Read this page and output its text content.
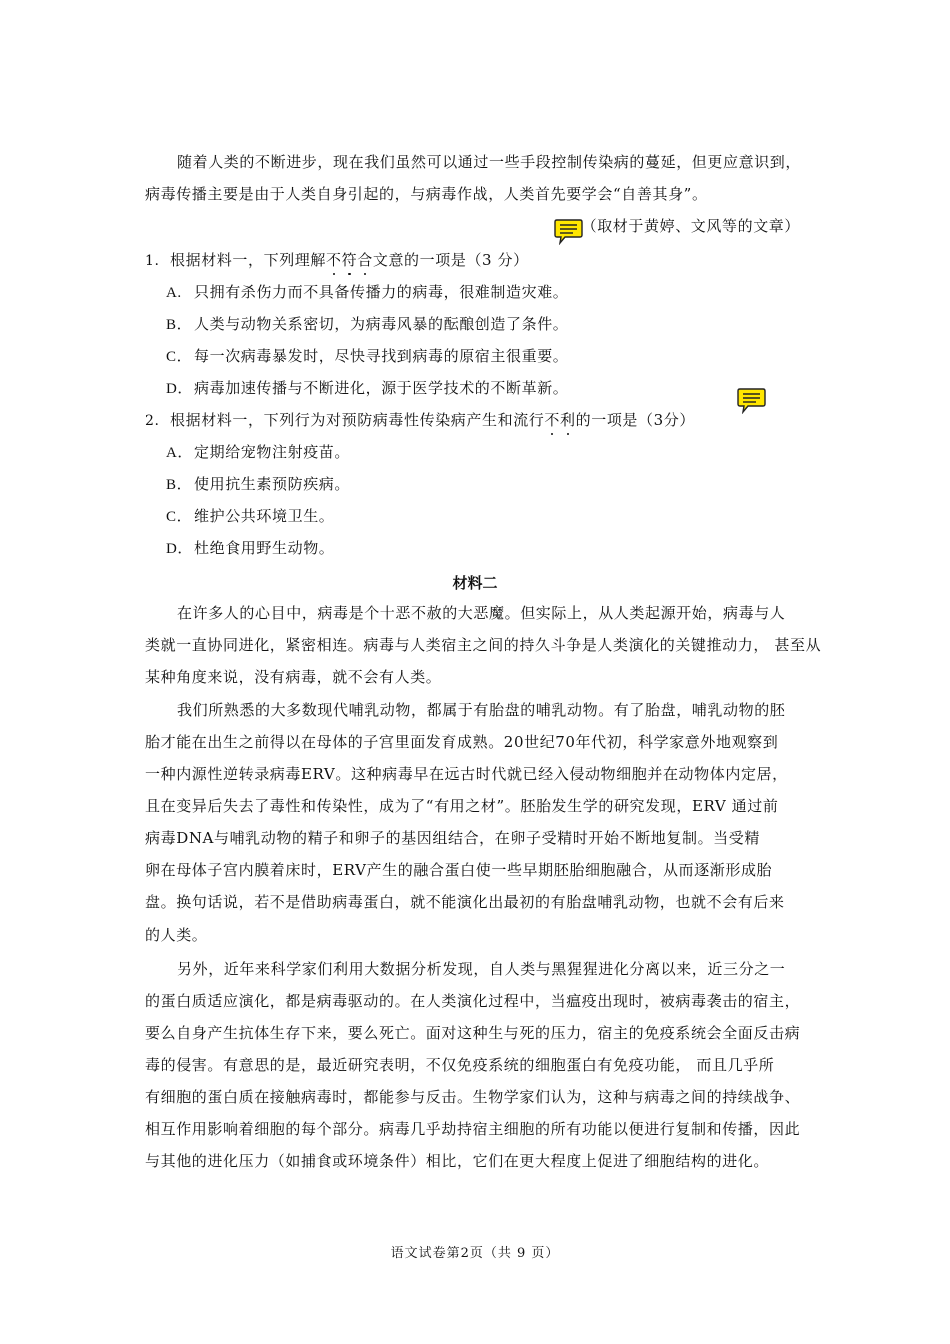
随着人类的不断进步，现在我们虽然可以通过一些手段控制传染病的蔓延，但更应意识到，
病毒传播主要是由于人类自身引起的，与病毒作战，人类首先要学会“自善其身”。
（取材于黄婷、文风等的文章）
1. 根据材料一，下列理解不符合文意的一项是（3 分）
A. 只拥有杀伤力而不具备传播力的病毒，很难制造灾难。
B． 人类与动物关系密切，为病毒风暴的酝酿创造了条件。
C． 每一次病毒暴发时，尽快寻找到病毒的原宿主很重要。
D．病毒加速传播与不断进化，源于医学技术的不断革新。
2. 根据材料一，下列行为对预防病毒性传染病产生和流行不利的一项是（3分）
A．定期给宠物注射疫苗。
B． 使用抗生素预防疾病。
C． 维护公共环境卫生。
D．杜绝食用野生动物。
材料二
在许多人的心目中，病毒是个十恶不赦的大恶魔。但实际上，从人类起源开始，病毒与人
类就一直协同进化，紧密相连。病毒与人类宿主之间的持久斗争是人类演化的关键推动力， 甚至从
某种角度来说，没有病毒，就不会有人类。
我们所熟悉的大多数现代哺乳动物，都属于有胎盘的哺乳动物。有了胎盘，哺乳动物的胚
胎才能在出生之前得以在母体的子宫里面发育成熟。20世纪70年代初，科学家意外地观察到
一种内源性逆转录病毒ERV。这种病毒早在远古时代就已经入侵动物细胞并在动物体内定居，
且在变异后失去了毒性和传染性，成为了“有用之材”。胚胎发生学的研究发现，ERV 通过前
病毒DNA与哺乳动物的精子和卵子的基因组结合，在卵子受精时开始不断地复制。当受精
卵在母体子宫内膜着床时，ERV产生的融合蛋白使一些早期胚胎细胞融合，从而逐渐形成胎
盘。换句话说，若不是借助病毒蛋白，就不能演化出最初的有胎盘哺乳动物，也就不会有后来
的人类。
另外，近年来科学家们利用大数据分析发现，自人类与黑猩猩进化分离以来，近三分之一
的蛋白质适应演化，都是病毒驱动的。在人类演化过程中，当瘟疫出现时，被病毒袭击的宿主，
要么自身产生抗体生存下来，要么死亡。面对这种生与死的压力，宿主的免疫系统会全面反击病
毒的侵害。有意思的是，最近研究表明，不仅免疫系统的细胞蛋白有免疫功能， 而且几乎所
有细胞的蛋白质在接触病毒时，都能参与反击。生物学家们认为，这种与病毒之间的持续战争、
相互作用影响着细胞的每个部分。病毒几乎劫持宿主细胞的所有功能以便进行复制和传播，因此
与其他的进化压力（如捕食或环境条件）相比，它们在更大程度上促进了细胞结构的进化。
语文试卷第2页（共 9 页）
